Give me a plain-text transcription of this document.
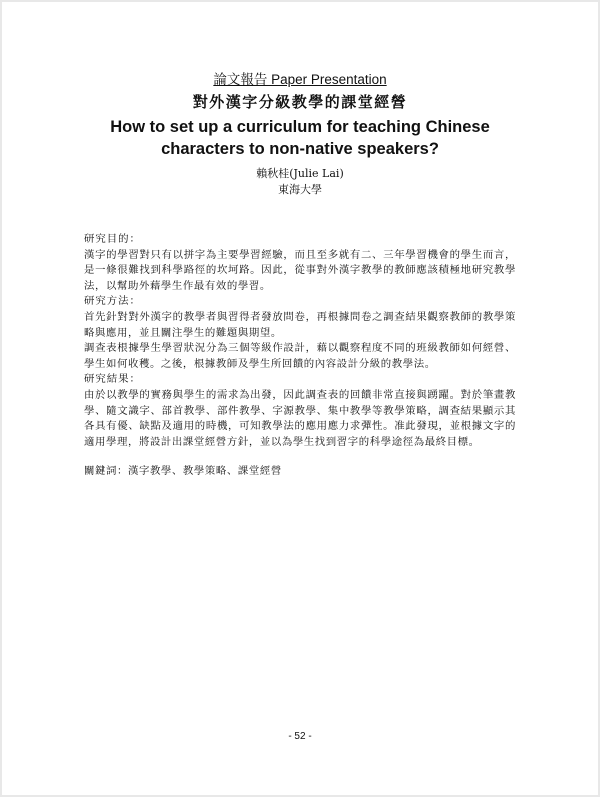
論文報告 Paper Presentation
對外漢字分級教學的課堂經營
How to set up a curriculum for teaching Chinese characters to non-native speakers?
賴秋桂(Julie Lai)
東海大學

研究目的：

漢字的學習對只有以拼字為主要學習經驗，而且至多就有二、三年學習機會的學生而言，是一條很難找到科學路徑的坎坷路。因此，從事對外漢字教學的教師應該積極地研究教學法，以幫助外藉學生作最有效的學習。

研究方法：

首先針對對外漢字的教學者與習得者發放問卷，再根據問卷之調查結果觀察教師的教學策略與應用，並且關注學生的難題與期望。

調查表根據學生學習狀況分為三個等級作設計，藉以觀察程度不同的班級教師如何經營、學生如何收穫。之後，根據教師及學生所回饋的內容設計分級的教學法。

研究結果：

由於以教學的實務與學生的需求為出發，因此調查表的回饋非常直接與踴躍。對於筆畫教學、隨文識字、部首教學、部件教學、字源教學、集中教學等教學策略，調查結果顯示其各具有優、缺點及適用的時機，可知教學法的應用應力求彈性。准此發現，並根據文字的適用學理，將設計出課堂經營方針，並以為學生找到習字的科學途徑為最終目標。

關鍵詞：漢字教學、教學策略、課堂經營

- 52 -
